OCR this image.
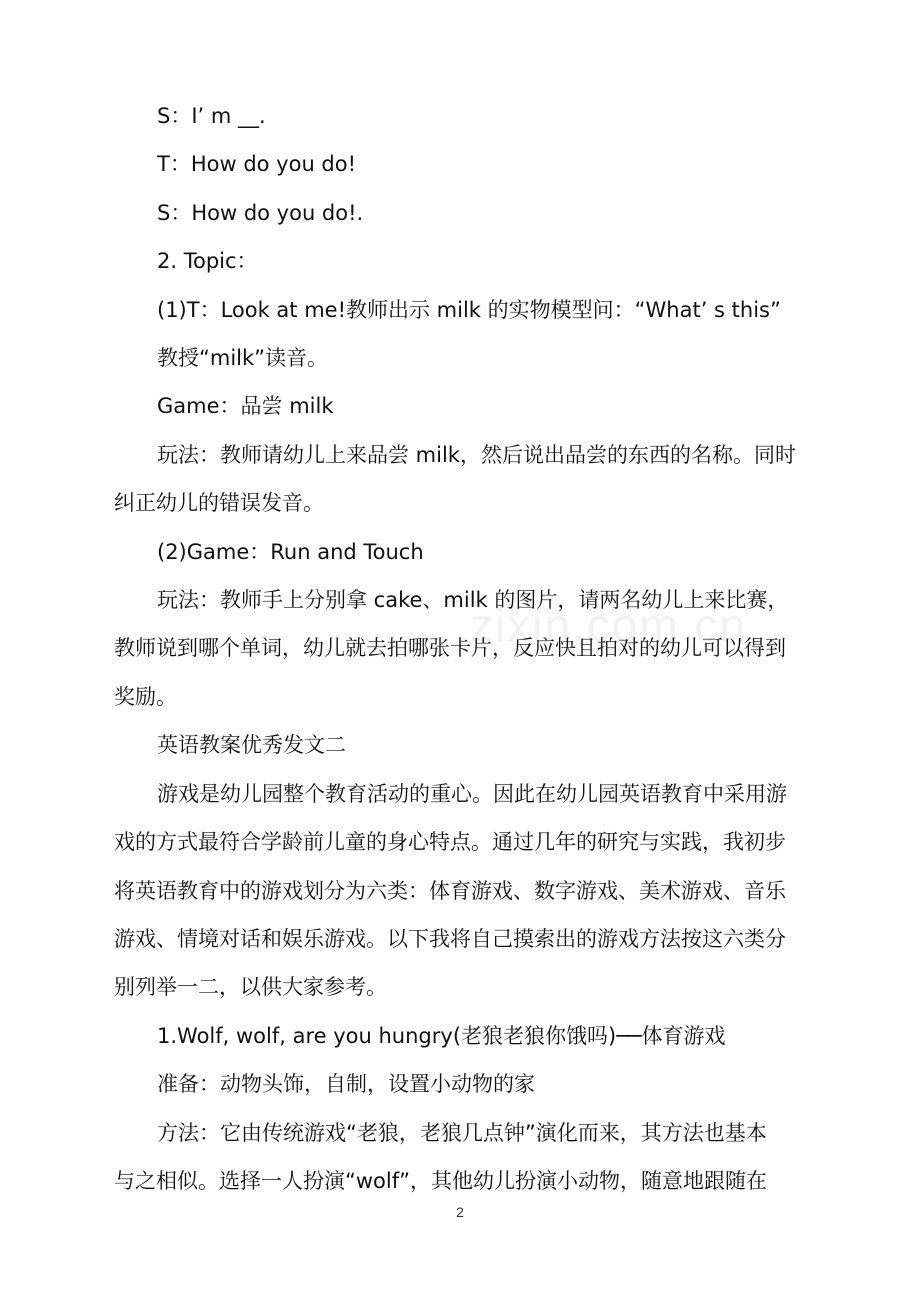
zixin.com.cn

S：I’ m __.

T：How do you do!

S：How do you do!.

2. Topic：

(1)T：Look at me!教师出示 milk 的实物模型问：“What’ s this”

教授“milk”读音。

Game：品尝 milk

玩法：教师请幼儿上来品尝 milk，然后说出品尝的东西的名称。同时

纠正幼儿的错误发音。

(2)Game：Run and Touch

玩法：教师手上分别拿 cake、milk 的图片，请两名幼儿上来比赛，

教师说到哪个单词，幼儿就去拍哪张卡片，反应快且拍对的幼儿可以得到

奖励。

英语教案优秀发文二

游戏是幼儿园整个教育活动的重心。因此在幼儿园英语教育中采用游

戏的方式最符合学龄前儿童的身心特点。通过几年的研究与实践，我初步

将英语教育中的游戏划分为六类：体育游戏、数字游戏、美术游戏、音乐

游戏、情境对话和娱乐游戏。以下我将自己摸索出的游戏方法按这六类分

别列举一二，以供大家参考。

1.Wolf, wolf, are you hungry(老狼老狼你饿吗)──体育游戏

准备：动物头饰，自制，设置小动物的家

方法：它由传统游戏“老狼，老狼几点钟”演化而来，其方法也基本

与之相似。选择一人扮演“wolf”，其他幼儿扮演小动物，随意地跟随在

2
